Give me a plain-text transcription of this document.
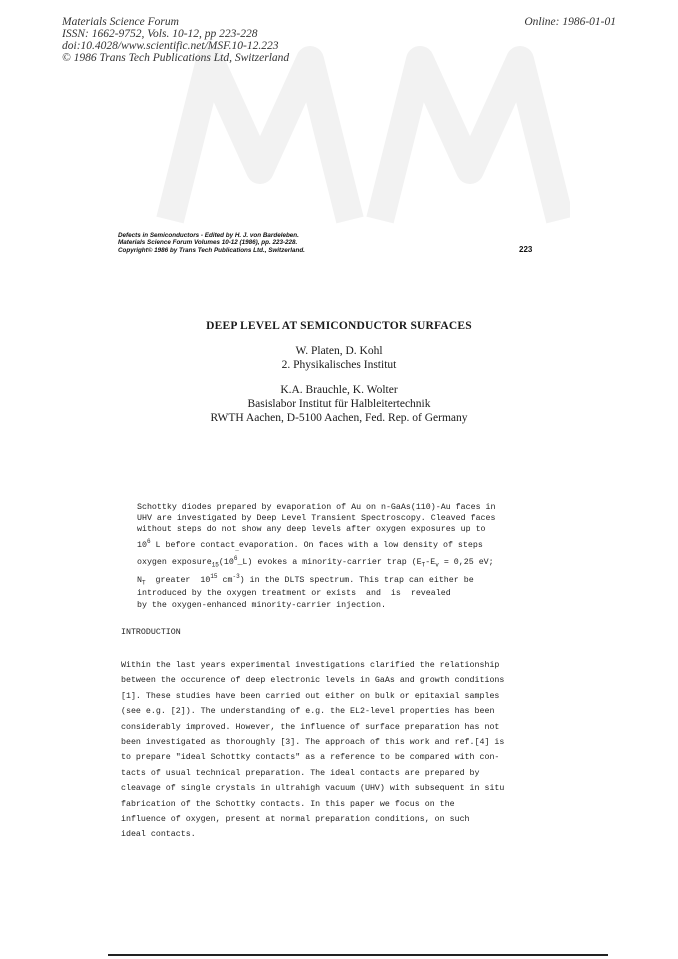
Materials Science Forum
ISSN: 1662-9752, Vols. 10-12, pp 223-228
doi:10.4028/www.scientific.net/MSF.10-12.223
© 1986 Trans Tech Publications Ltd, Switzerland
Online: 1986-01-01
Defects in Semiconductors - Edited by H. J. von Bardeleben.
Materials Science Forum Volumes 10-12 (1986), pp. 223-228.
Copyright© 1986 by Trans Tech Publications Ltd., Switzerland.	223
DEEP LEVEL AT SEMICONDUCTOR SURFACES
W. Platen, D. Kohl
2. Physikalisches Institut
K.A. Brauchle, K. Wolter
Basislabor Institut für Halbleitertechnik
RWTH Aachen, D-5100 Aachen, Fed. Rep. of Germany
Schottky diodes prepared by evaporation of Au on n-GaAs(110)-Au faces in
UHV are investigated by Deep Level Transient Spectroscopy. Cleaved faces
without steps do not show any deep levels after oxygen exposures up to
$10^6$ L before contact$_{\_}$evaporation. On faces with a low density of steps
oxygen $exposure_{15}(10^6\_L)$ evokes a minority-carrier trap ($E_T-E_v = 0,25$ eV;
$N_T$  greater  $10^{15}$ $cm^{-3}$) in the DLTS spectrum. This trap can either be
introduced by the oxygen treatment or exists  and  is  revealed
by the oxygen-enhanced minority-carrier injection.
INTRODUCTION
Within the last years experimental investigations clarified the relationship
between the occurence of deep electronic levels in GaAs and growth conditions
[1]. These studies have been carried out either on bulk or epitaxial samples
(see e.g. [2]). The understanding of e.g. the EL2-level properties has been
considerably improved. However, the influence of surface preparation has not
been investigated as thoroughly [3]. The approach of this work and ref.[4] is
to prepare "ideal Schottky contacts" as a reference to be compared with con-
tacts of usual technical preparation. The ideal contacts are prepared by
cleavage of single crystals in ultrahigh vacuum (UHV) with subsequent in situ
fabrication of the Schottky contacts. In this paper we focus on the
influence of oxygen, present at normal preparation conditions, on such
ideal contacts.
